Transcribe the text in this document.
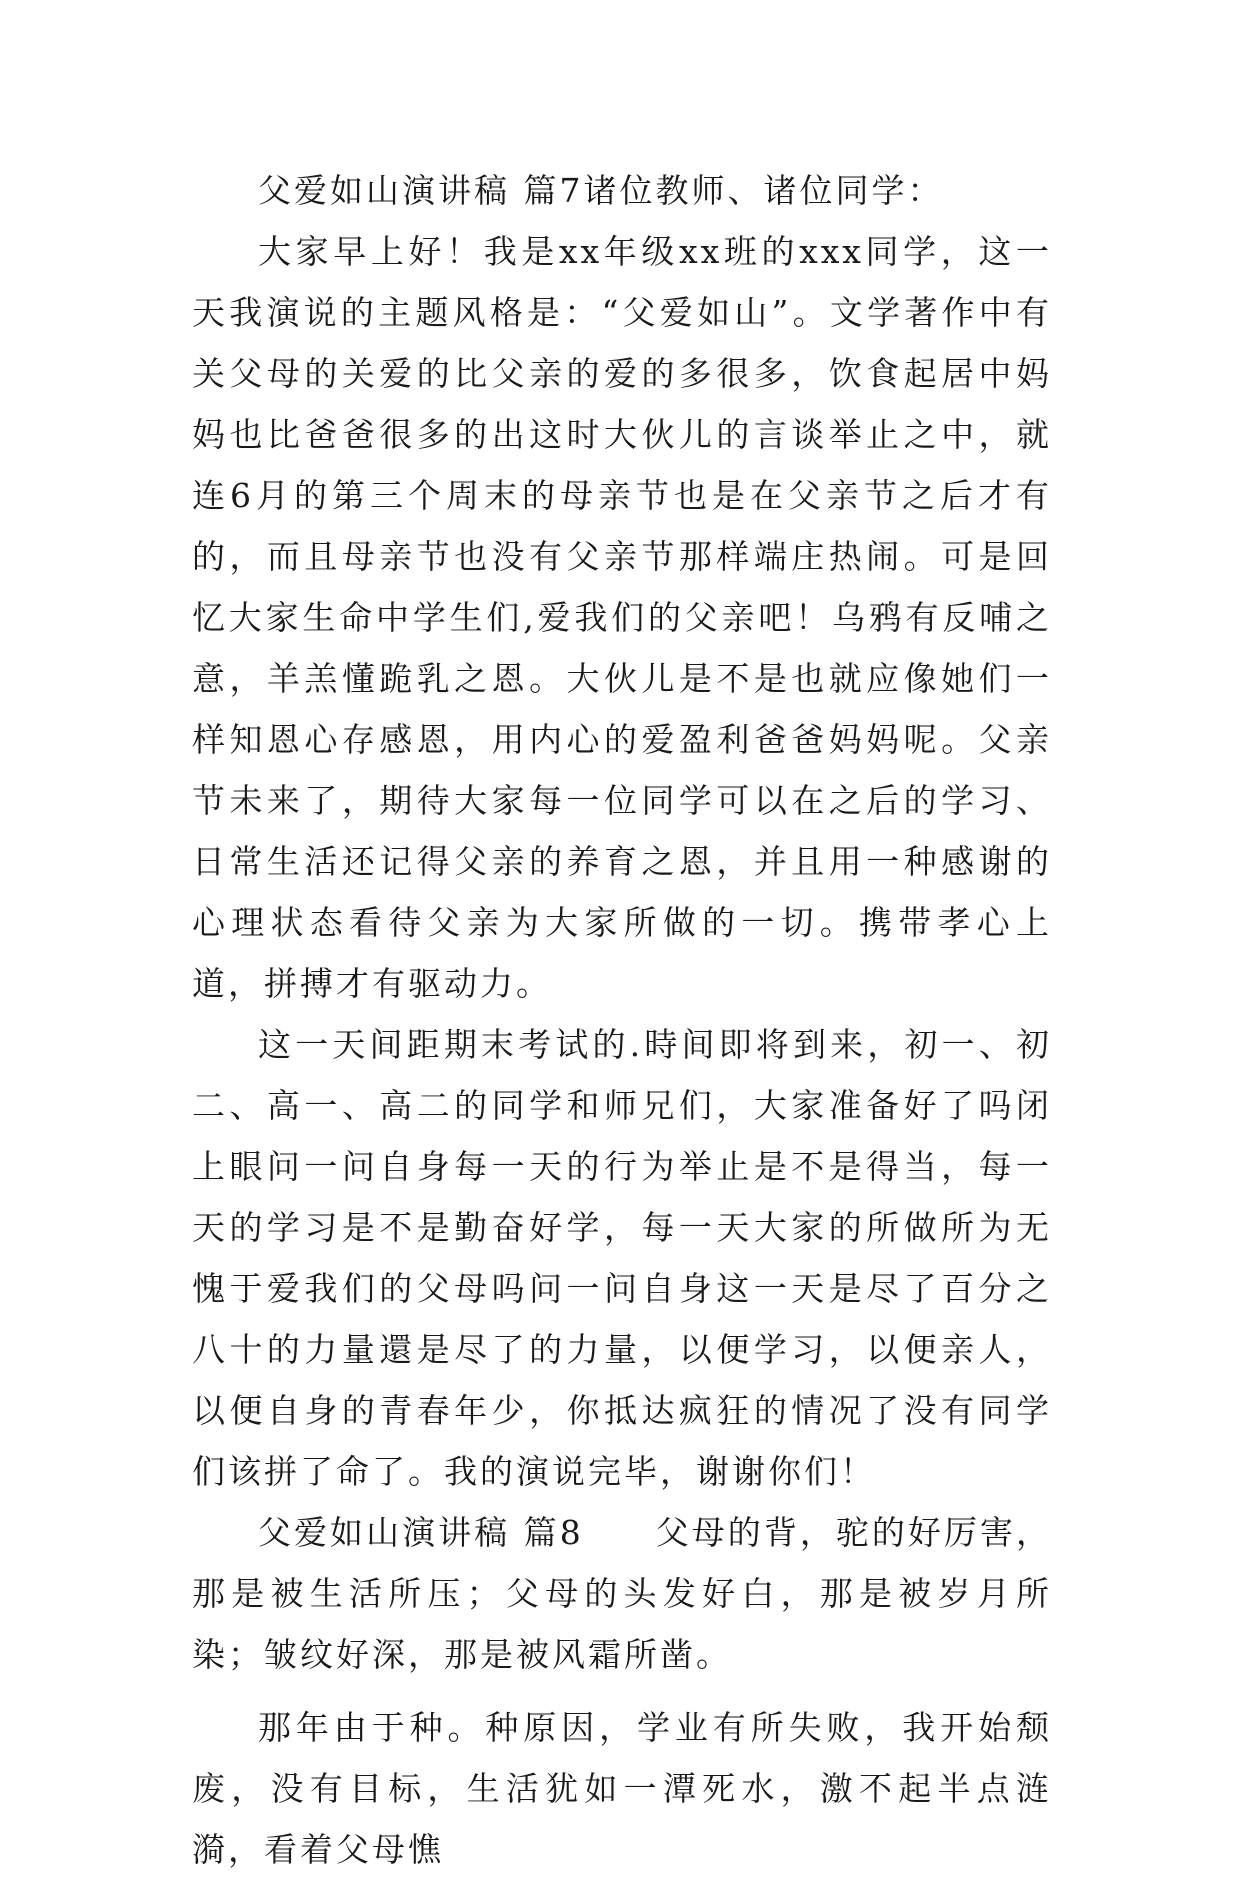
父爱如山演讲稿 篇7诸位教师、诸位同学：

大家早上好！我是xx年级xx班的xxx同学，这一天我演说的主题风格是：“父爱如山”。文学著作中有关父母的关爱的比父亲的爱的多很多，饮食起居中妈妈也比爸爸很多的出这时大伙儿的言谈举止之中，就连6月的第三个周末的母亲节也是在父亲节之后才有的，而且母亲节也没有父亲节那样端庄热闹。可是回忆大家生命中学生们,爱我们的父亲吧！乌鸦有反哺之意，羊羔懂跪乳之恩。大伙儿是不是也就应像她们一样知恩心存感恩，用内心的爱盈利爸爸妈妈呢。父亲节未来了，期待大家每一位同学可以在之后的学习、日常生活还记得父亲的养育之恩，并且用一种感谢的心理状态看待父亲为大家所做的一切。携带孝心上道，拼搏才有驱动力。

这一天间距期末考试的.時间即将到来，初一、初二、高一、高二的同学和师兄们，大家准备好了吗闭上眼问一问自身每一天的行为举止是不是得当，每一天的学习是不是勤奋好学，每一天大家的所做所为无愧于爱我们的父母吗问一问自身这一天是尽了百分之八十的力量還是尽了的力量，以便学习，以便亲人，以便自身的青春年少，你抵达疯狂的情况了没有同学们该拼了命了。我的演说完毕，谢谢你们！

父爱如山演讲稿 篇8　　父母的背，驼的好厉害，那是被生活所压；父母的头发好白，那是被岁月所染；皱纹好深，那是被风霜所凿。

那年由于种。种原因，学业有所失败，我开始颓废，没有目标，生活犹如一潭死水，激不起半点涟漪，看着父母憔
